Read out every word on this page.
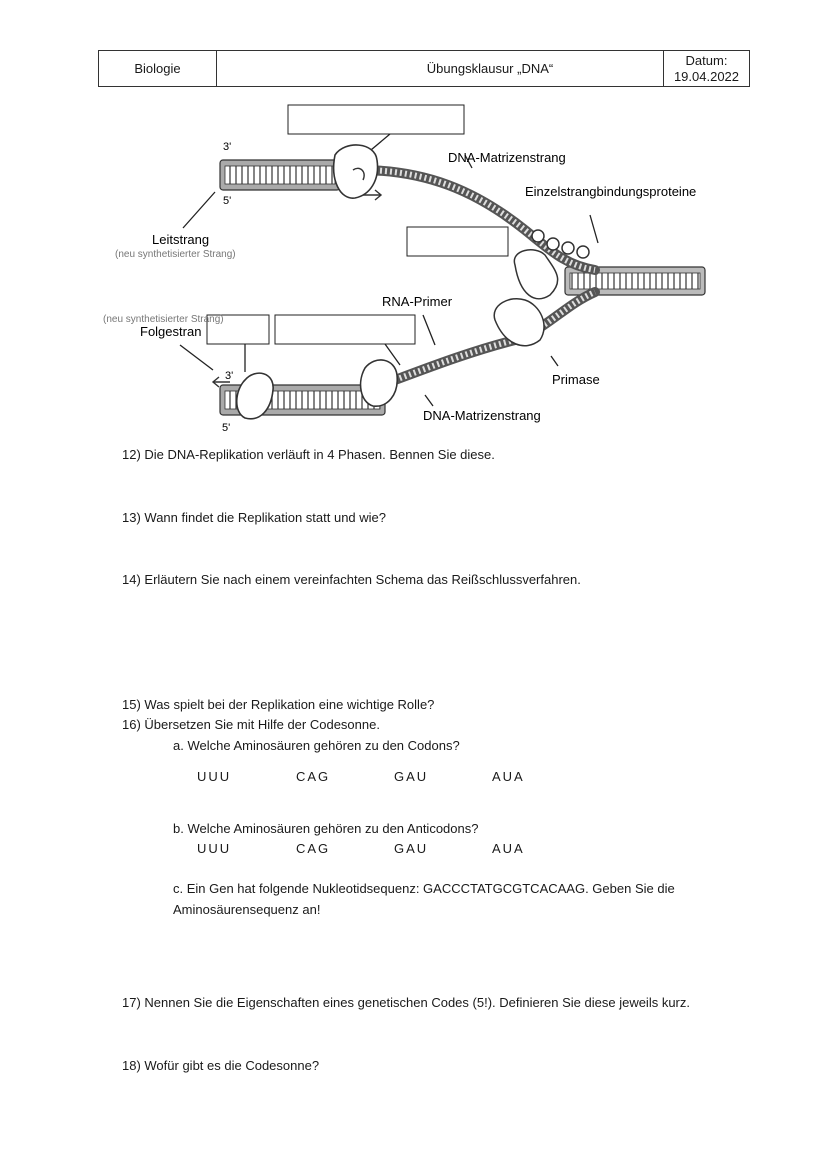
Biologie	Übungsklausur „DNA“
Datum:
19.04.2022
3'
5'
DNA-Matrizenstrang
Einzelstrangbindungsproteine
Leitstrang
(neu synthetisierter Strang)
RNA-Primer
(neu synthetisierter Strang)
Folgestran
3'
5'
Primase
DNA-Matrizenstrang
12) Die DNA-Replikation verläuft in 4 Phasen. Bennen Sie diese.
13) Wann findet die Replikation statt und wie?
14) Erläutern Sie nach einem vereinfachten Schema das Reißschlussverfahren.
15) Was spielt bei der Replikation eine wichtige Rolle?
16) Übersetzen Sie mit Hilfe der Codesonne.
a. Welche Aminosäuren gehören zu den Codons?
UUU	CAG	GAU	AUA
b. Welche Aminosäuren gehören zu den Anticodons?
UUU	CAG	GAU	AUA
c. Ein Gen hat folgende Nukleotidsequenz: GACCCTATGCGTCACAAG. Geben Sie die
Aminosäurensequenz an!
17) Nennen Sie die Eigenschaften eines genetischen Codes (5!). Definieren Sie diese jeweils kurz.
18) Wofür gibt es die Codesonne?
